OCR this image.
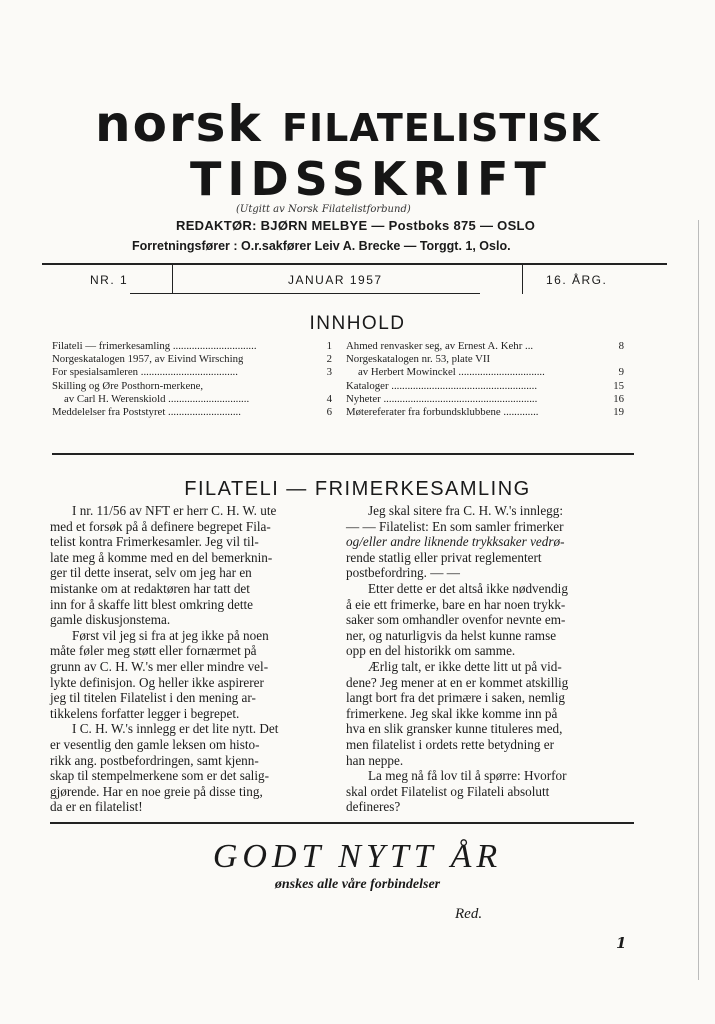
norsk FILATELISTISK
TIDSSKRIFT
(Utgitt av Norsk Filatelistforbund)
REDAKTØR: BJØRN MELBYE — Postboks 875 — OSLO
Forretningsfører : O.r.sakfører Leiv A. Brecke — Torggt. 1, Oslo.
NR. 1	JANUAR 1957	16. ÅRG.
INNHOLD
Filateli — frimerkesamling ...............................	1
Norgeskatalogen 1957, av Eivind Wirsching	2
For spesialsamleren ....................................	3
Skilling og Øre Posthorn-merkene,
av Carl H. Werenskiold ..............................	4
Meddelelser fra Poststyret ...........................	6
Ahmed renvasker seg, av Ernest A. Kehr ...	8
Norgeskatalogen nr. 53, plate VII
av Herbert Mowinckel ................................	9
Kataloger ......................................................	15
Nyheter .........................................................	16
Møtereferater fra forbundsklubbene .............	19
FILATELI — FRIMERKESAMLING
I nr. 11/56 av NFT er herr C. H. W. ute
med et forsøk på å definere begrepet Fila-
telist kontra Frimerkesamler. Jeg vil til-
late meg å komme med en del bemerknin-
ger til dette inserat, selv om jeg har en
mistanke om at redaktøren har tatt det
inn for å skaffe litt blest omkring dette
gamle diskusjonstema.
Først vil jeg si fra at jeg ikke på noen
måte føler meg støtt eller fornærmet på
grunn av C. H. W.'s mer eller mindre vel-
lykte definisjon. Og heller ikke aspirerer
jeg til titelen Filatelist i den mening ar-
tikkelens forfatter legger i begrepet.
I C. H. W.'s innlegg er det lite nytt. Det
er vesentlig den gamle leksen om histo-
rikk ang. postbefordringen, samt kjenn-
skap til stempelmerkene som er det salig-
gjørende. Har en noe greie på disse ting,
da er en filatelist!
Jeg skal sitere fra C. H. W.'s innlegg:
— — Filatelist: En som samler frimerker
og/eller andre liknende trykksaker vedrø-
rende statlig eller privat reglementert
postbefordring. — —
Etter dette er det altså ikke nødvendig
å eie ett frimerke, bare en har noen trykk-
saker som omhandler ovenfor nevnte em-
ner, og naturligvis da helst kunne ramse
opp en del historikk om samme.
Ærlig talt, er ikke dette litt ut på vid-
dene? Jeg mener at en er kommet atskillig
langt bort fra det primære i saken, nemlig
frimerkene. Jeg skal ikke komme inn på
hva en slik gransker kunne tituleres med,
men filatelist i ordets rette betydning er
han neppe.
La meg nå få lov til å spørre: Hvorfor
skal ordet Filatelist og Filateli absolutt
defineres?
GODT NYTT ÅR
ønskes alle våre forbindelser
Red.
1
